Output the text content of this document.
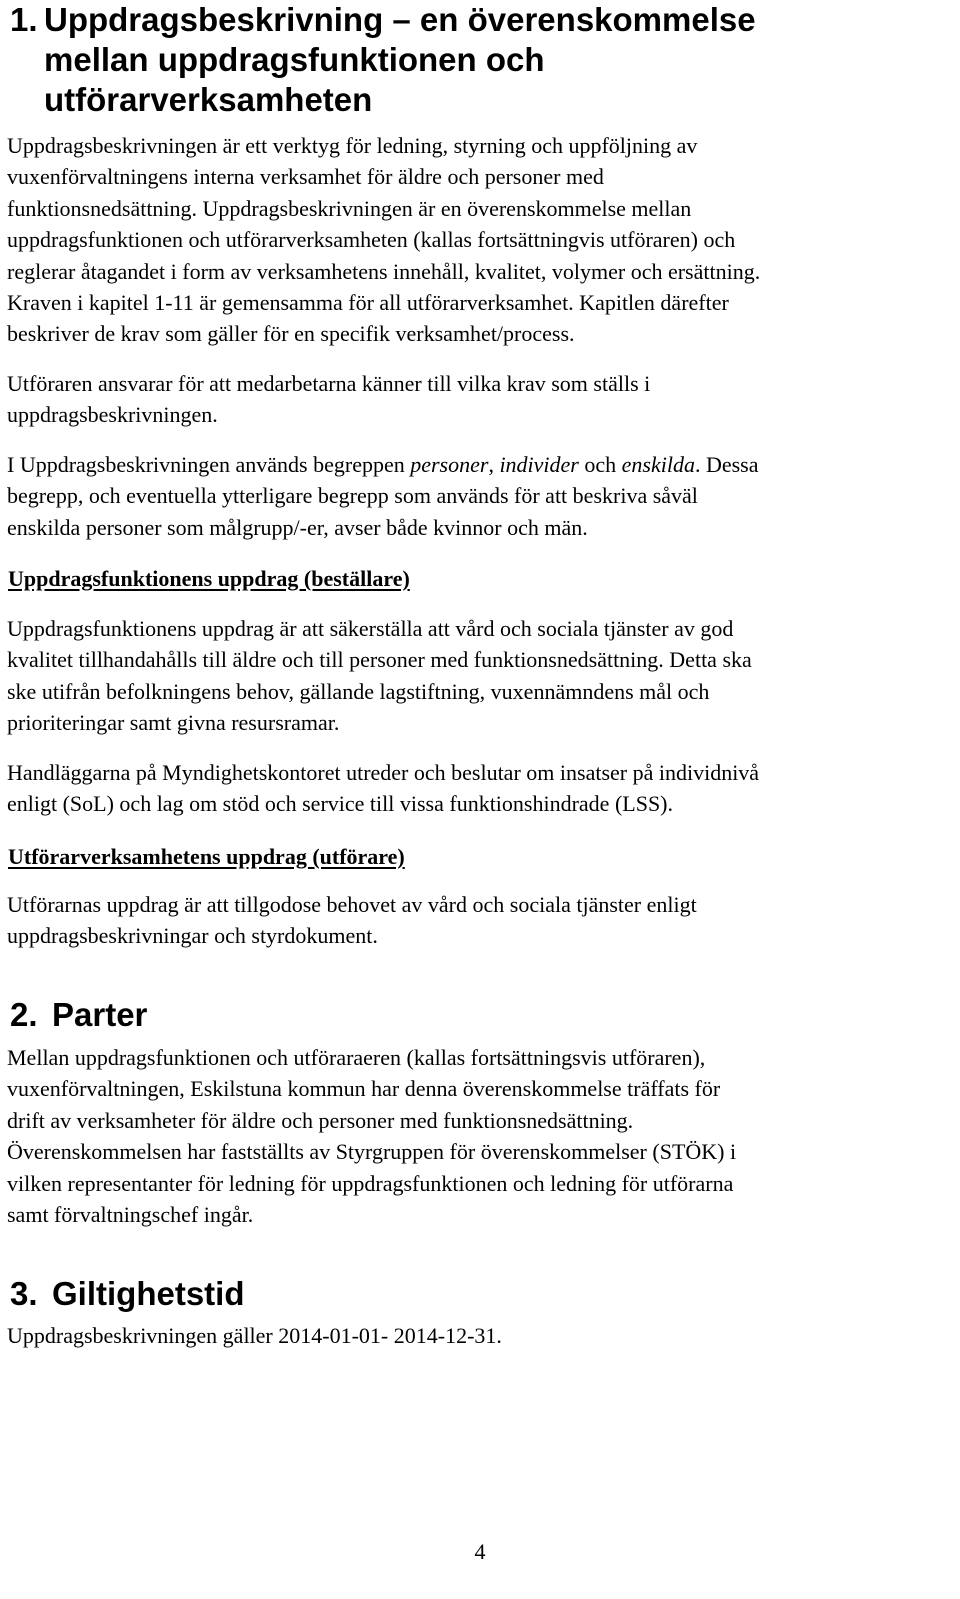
1. Uppdragsbeskrivning – en överenskommelse
mellan uppdragsfunktionen och
utförarverksamheten
Uppdragsbeskrivningen är ett verktyg för ledning, styrning och uppföljning av
vuxenförvaltningens interna verksamhet för äldre och personer med
funktionsnedsättning. Uppdragsbeskrivningen är en överenskommelse mellan
uppdragsfunktionen och utförarverksamheten (kallas fortsättningvis utföraren) och
reglerar åtagandet i form av verksamhetens innehåll, kvalitet, volymer och ersättning.
Kraven i kapitel 1-11 är gemensamma för all utförarverksamhet. Kapitlen därefter
beskriver de krav som gäller för en specifik verksamhet/process.
Utföraren ansvarar för att medarbetarna känner till vilka krav som ställs i
uppdragsbeskrivningen.
I Uppdragsbeskrivningen används begreppen personer, individer och enskilda. Dessa
begrepp, och eventuella ytterligare begrepp som används för att beskriva såväl
enskilda personer som målgrupp/-er, avser både kvinnor och män.
Uppdragsfunktionens uppdrag (beställare)
Uppdragsfunktionens uppdrag är att säkerställa att vård och sociala tjänster av god
kvalitet tillhandahålls till äldre och till personer med funktionsnedsättning. Detta ska
ske utifrån befolkningens behov, gällande lagstiftning, vuxennämndens mål och
prioriteringar samt givna resursramar.
Handläggarna på Myndighetskontoret utreder och beslutar om insatser på individnivå
enligt (SoL) och lag om stöd och service till vissa funktionshindrade (LSS).
Utförarverksamhetens uppdrag (utförare)
Utförarnas uppdrag är att tillgodose behovet av vård och sociala tjänster enligt
uppdragsbeskrivningar och styrdokument.
2. Parter
Mellan uppdragsfunktionen och utföraraeren (kallas fortsättningsvis utföraren),
vuxenförvaltningen, Eskilstuna kommun har denna överenskommelse träffats för
drift av verksamheter för äldre och personer med funktionsnedsättning.
Överenskommelsen har fastställts av Styrgruppen för överenskommelser (STÖK) i
vilken representanter för ledning för uppdragsfunktionen och ledning för utförarna
samt förvaltningschef ingår.
3. Giltighetstid
Uppdragsbeskrivningen gäller 2014-01-01- 2014-12-31.
4
